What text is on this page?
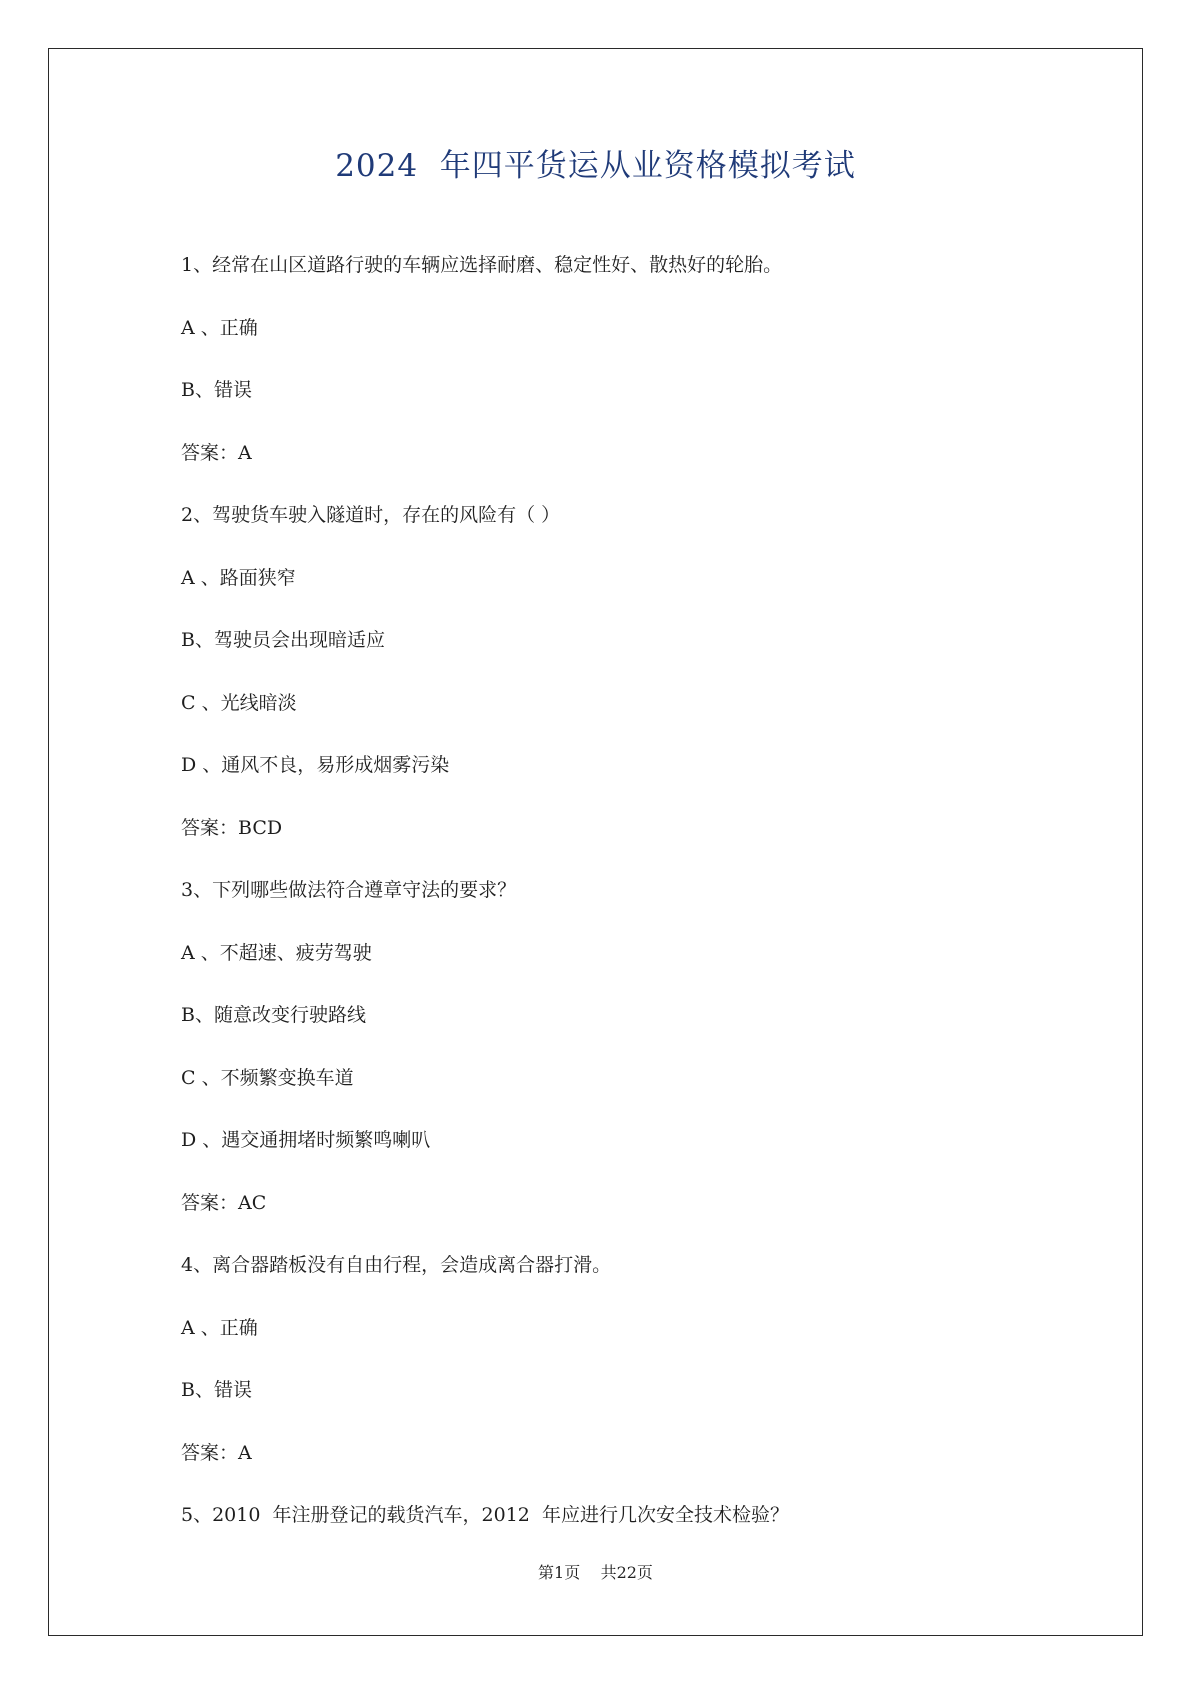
2024  年四平货运从业资格模拟考试
1、经常在山区道路行驶的车辆应选择耐磨、稳定性好、散热好的轮胎。
A 、正确
B、错误
答案：A
2、驾驶货车驶入隧道时，存在的风险有（ ）
A 、路面狭窄
B、驾驶员会出现暗适应
C 、光线暗淡
D 、通风不良，易形成烟雾污染
答案：BCD
3、下列哪些做法符合遵章守法的要求？
A 、不超速、疲劳驾驶
B、随意改变行驶路线
C 、不频繁变换车道
D 、遇交通拥堵时频繁鸣喇叭
答案：AC
4、离合器踏板没有自由行程，会造成离合器打滑。
A 、正确
B、错误
答案：A
5、2010  年注册登记的载货汽车，2012  年应进行几次安全技术检验？
第1页    共22页
